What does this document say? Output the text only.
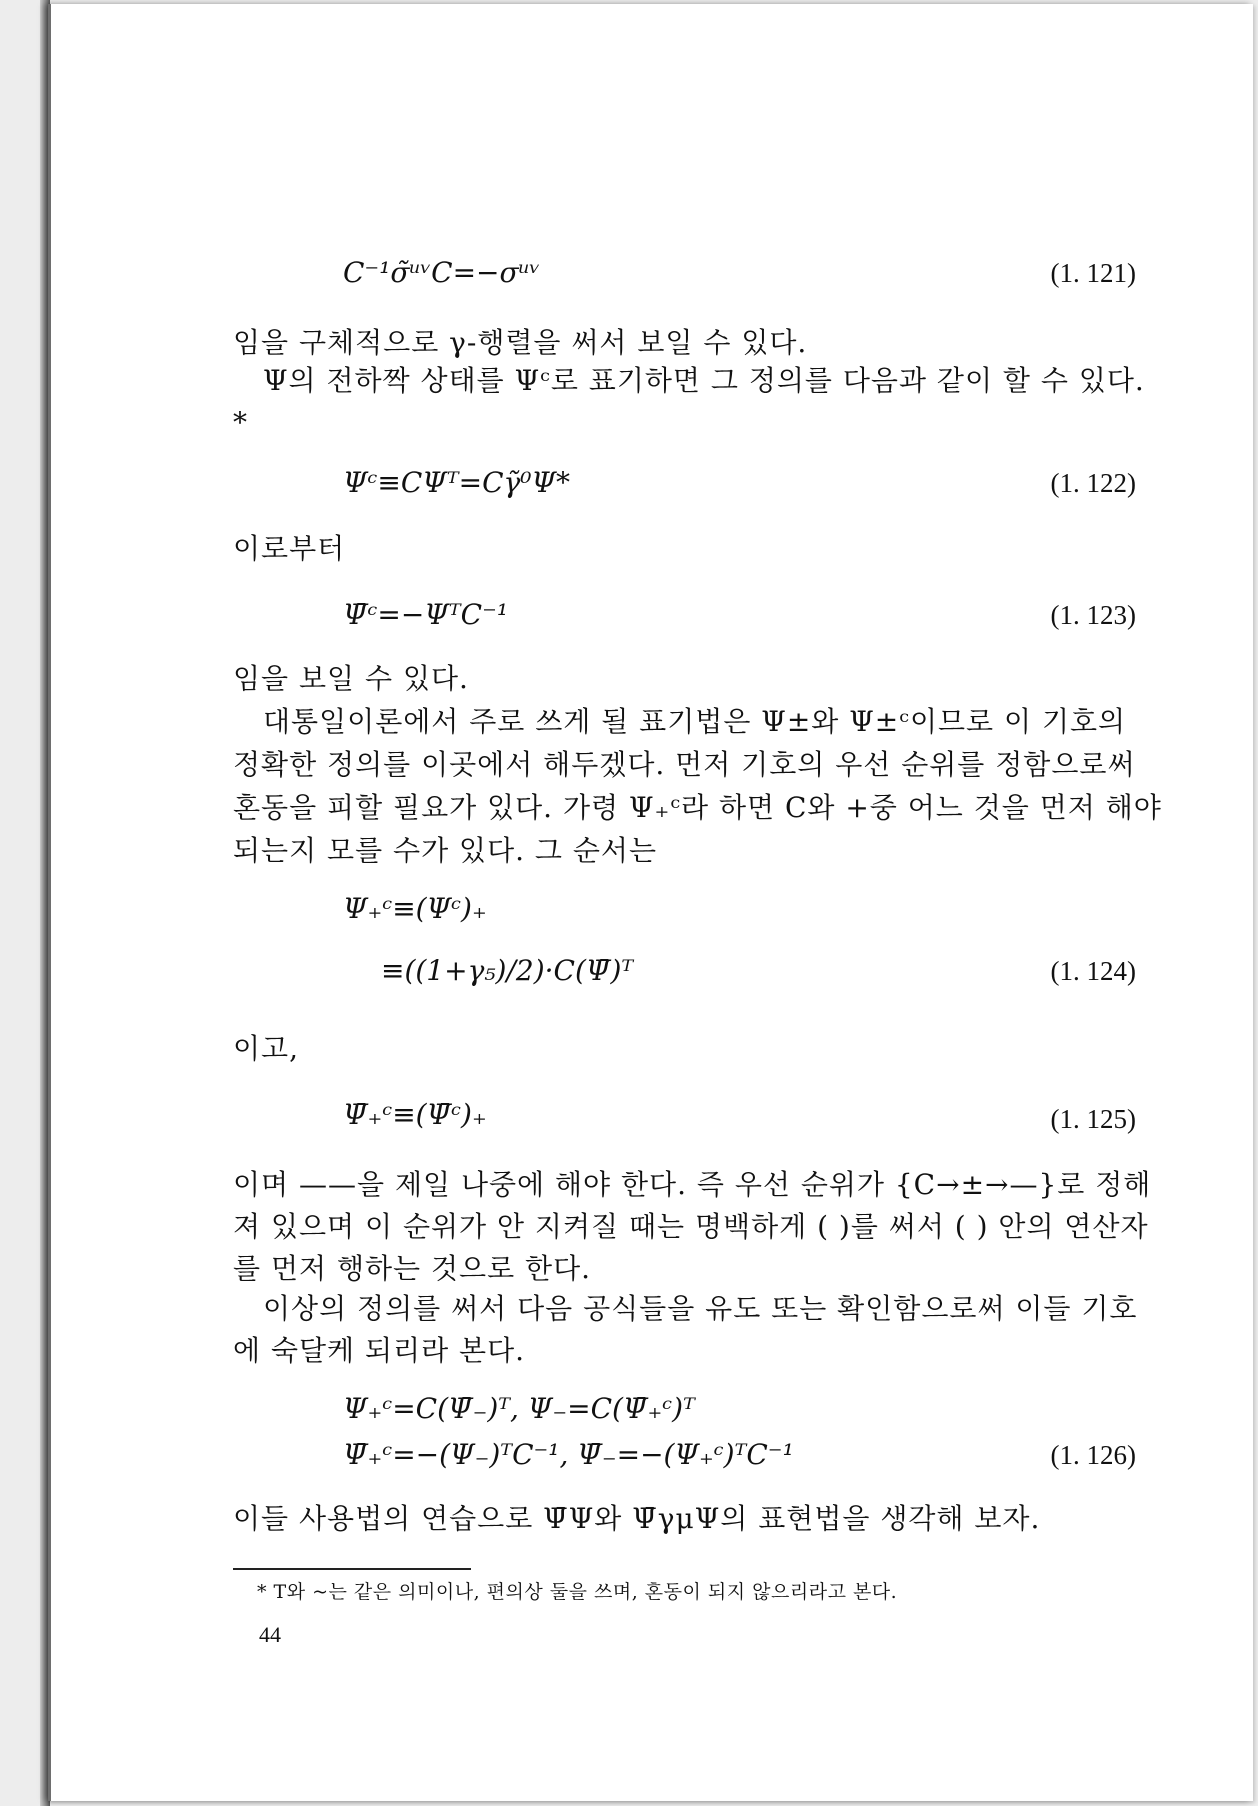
C⁻¹σ̃ᵘᵛC=−σᵘᵛ	(1. 121)
임을 구체적으로 γ-행렬을 써서 보일 수 있다.
Ψ의 전하짝 상태를 Ψᶜ로 표기하면 그 정의를 다음과 같이 할 수 있다. *
Ψᶜ≡CΨᵀ=Cγ̃⁰Ψ*	(1. 122)
이로부터
Ψ̄ᶜ=−ΨᵀC⁻¹	(1. 123)
임을 보일 수 있다.
대통일이론에서 주로 쓰게 될 표기법은 Ψ±와 Ψ±ᶜ이므로 이 기호의 정확한 정의를 이곳에서 해두겠다. 먼저 기호의 우선 순위를 정함으로써 혼동을 피할 필요가 있다. 가령 Ψ₊ᶜ라 하면 C와 +중 어느 것을 먼저 해야 되는지 모를 수가 있다. 그 순서는
Ψ₊ᶜ≡(Ψᶜ)₊
≡((1+γ₅)/2)·C(Ψ̄)ᵀ	(1. 124)
이고,
Ψ̄₊ᶜ≡(Ψ̄ᶜ)₊	(1. 125)
이며 ——을 제일 나중에 해야 한다. 즉 우선 순위가 {C→±→—}로 정해져 있으며 이 순위가 안 지켜질 때는 명백하게 ( )를 써서 ( ) 안의 연산자를 먼저 행하는 것으로 한다.
이상의 정의를 써서 다음 공식들을 유도 또는 확인함으로써 이들 기호에 숙달케 되리라 본다.
Ψ₊ᶜ=C(Ψ̄₋)ᵀ, Ψ₋=C(Ψ̄₊ᶜ)ᵀ
Ψ̄₊ᶜ=−(Ψ₋)ᵀC⁻¹, Ψ̄₋=−(Ψ₊ᶜ)ᵀC⁻¹	(1. 126)
이들 사용법의 연습으로 Ψ̄Ψ와 Ψ̄γμΨ의 표현법을 생각해 보자.
* T와 ~는 같은 의미이나, 편의상 둘을 쓰며, 혼동이 되지 않으리라고 본다.
44
